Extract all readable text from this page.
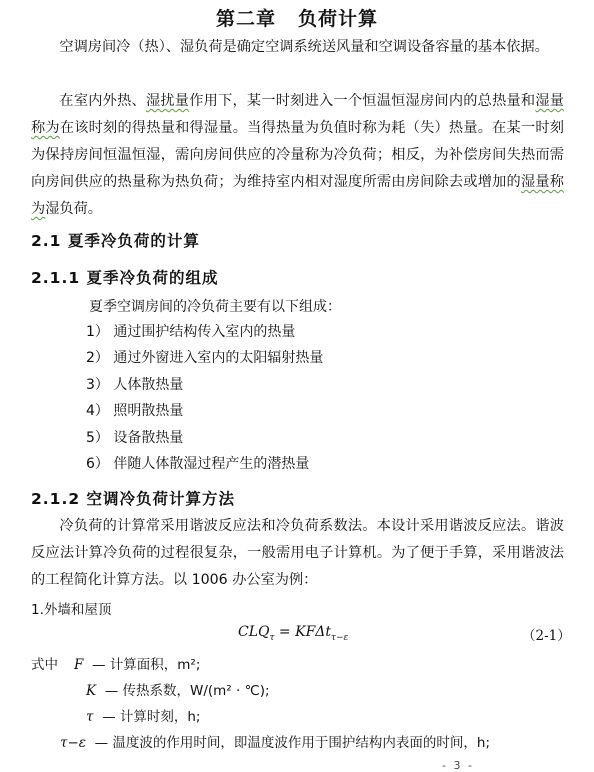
第二章 负荷计算

空调房间冷（热）、湿负荷是确定空调系统送风量和空调设备容量的基本依据。

在室内外热、湿扰量作用下，某一时刻进入一个恒温恒湿房间内的总热量和湿量称为在该时刻的得热量和得湿量。当得热量为负值时称为耗（失）热量。在某一时刻为保持房间恒温恒湿，需向房间供应的冷量称为冷负荷；相反，为补偿房间失热而需向房间供应的热量称为热负荷；为维持室内相对湿度所需由房间除去或增加的湿量称为湿负荷。

2.1 夏季冷负荷的计算
2.1.1 夏季冷负荷的组成
夏季空调房间的冷负荷主要有以下组成：
1） 通过围护结构传入室内的热量
2） 通过外窗进入室内的太阳辐射热量
3） 人体散热量
4） 照明散热量
5） 设备散热量
6） 伴随人体散湿过程产生的潜热量
2.1.2 空调冷负荷计算方法

冷负荷的计算常采用谐波反应法和冷负荷系数法。本设计采用谐波反应法。谐波反应法计算冷负荷的过程很复杂，一般需用电子计算机。为了便于手算，采用谐波法的工程简化计算方法。以 1006 办公室为例：

1.外墙和屋顶
$CLQ_\tau = KF\Delta t_{\tau-\varepsilon}$	（2-1）
式中 F — 计算面积，m²;
K — 传热系数，W/(m² · ℃);
τ — 计算时刻，h;
τ−ε — 温度波的作用时间，即温度波作用于围护结构内表面的时间，h;
- 3 -
